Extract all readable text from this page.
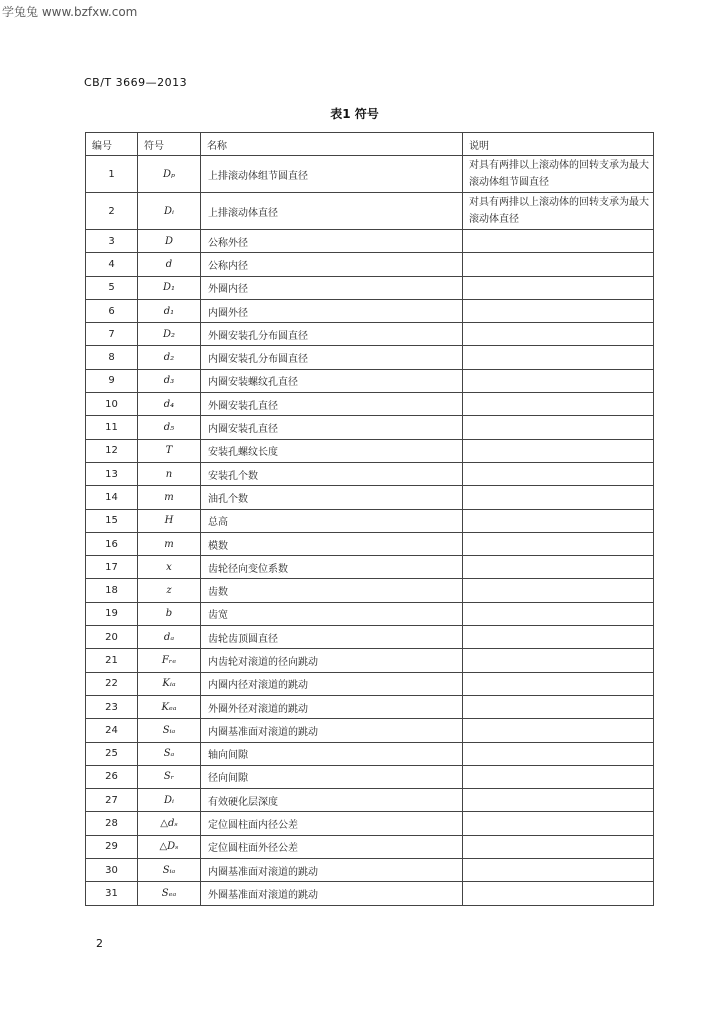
学兔兔 www.bzfxw.com
CB/T 3669—2013
表1 符号
编号	符号	名称	说明
1	Dₚ	上排滚动体组节圆直径	对具有两排以上滚动体的回转支承为最大滚动体组节圆直径
2	Dᵢ	上排滚动体直径	对具有两排以上滚动体的回转支承为最大滚动体直径
3	D	公称外径	
4	d	公称内径	
5	D₁	外圈内径	
6	d₁	内圈外径	
7	D₂	外圈安装孔分布圆直径	
8	d₂	内圈安装孔分布圆直径	
9	d₃	内圈安装螺纹孔直径	
10	d₄	外圈安装孔直径	
11	d₅	内圈安装孔直径	
12	T	安装孔螺纹长度	
13	n	安装孔个数	
14	m	油孔个数	
15	H	总高	
16	m	模数	
17	x	齿轮径向变位系数	
18	z	齿数	
19	b	齿宽	
20	dₐ	齿轮齿顶圆直径	
21	Fᵣₑ	内齿轮对滚道的径向跳动	
22	Kᵢₐ	内圈内径对滚道的跳动	
23	Kₑₐ	外圈外径对滚道的跳动	
24	Sᵢₐ	内圈基准面对滚道的跳动	
25	Sₐ	轴向间隙	
26	Sᵣ	径向间隙	
27	Dᵢ	有效硬化层深度	
28	△dₛ	定位圆柱面内径公差	
29	△Dₛ	定位圆柱面外径公差	
30	Sᵢₐ	内圈基准面对滚道的跳动	
31	Sₑₐ	外圈基准面对滚道的跳动	
2
